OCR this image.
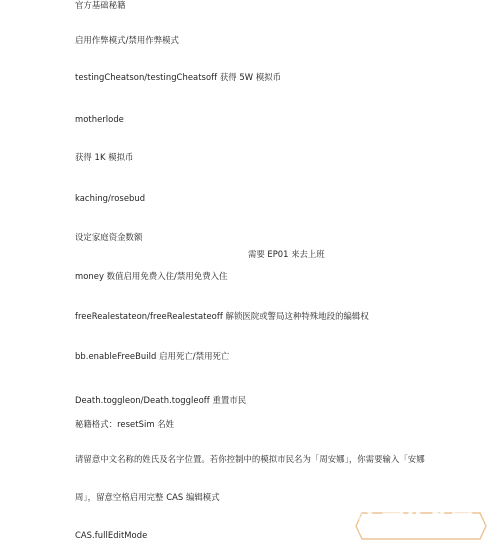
官方基础秘籍
启用作弊模式/禁用作弊模式
testingCheatson/testingCheatsoff 获得 5W 模拟币
motherlode
获得 1K 模拟币
kaching/rosebud
设定家庭资金数额
需要 EP01 来去上班
money 数值启用免费入住/禁用免费入住
freeRealestateon/freeRealestateoff 解锁医院或警局这种特殊地段的编辑权
bb.enableFreeBuild 启用死亡/禁用死亡
Death.toggleon/Death.toggleoff 重置市民
秘籍格式：resetSim 名姓
请留意中文名称的姓氏及名字位置。若你控制中的模拟市民名为「周安娜」，你需要输入「安娜
周」，留意空格启用完整 CAS 编辑模式
CAS.fullEditMode	宝哥软件园
